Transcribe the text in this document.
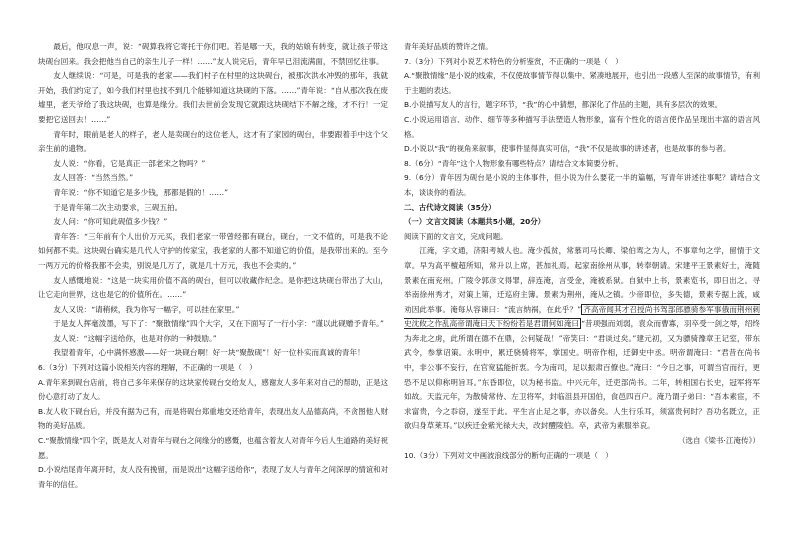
最后，他叹息一声，说：“砚算我将它寄托于你们吧。若是哪一天，我的姑娘有转变，就让孩子带这块砚台回来。我会把他当自己的亲生儿子一样！……”友人说完后，青年早已泪流满面，不禁回忆往事。

友人继续说：“可是，可是我的老家——我们村子在村里的这块砚台，被那次洪水冲毁的那年，我就开始，我们约定了，如今我们村里也找不到几个能够知道这块砚的下落。……”青年说：“自从那次我在废墟里，老天爷给了我这块砚，也算是缘分。我们去世前会发现它就跟这块砚结下不解之缘，才不行！一定要把它送回去！……”

青年时，眼前是老人的样子，老人是卖砚台的这位老人，这才有了家园的砚台，非要跟着手中这个父亲生前的遗物。

友人说：“你看，它是真正一部老宋之物吗？”

友人回答：“当然当然。”

青年说：“你不知道它是多少钱，那都是假的！……”

于是青年第二次主动要求，三砚五拍。

友人问：“你可知此砚值多少钱？”

青年答：“三年前有个人出价万元买，我们老家一带曾经都有砚台，砚台，一文不值的，可是我不论如何都不卖。这块砚台确实是几代人守护的传家宝，我老家的人都不知道它的价值，是我带出来的。至今一两万元的价格我都不会卖，别说是几万了，就是几十万元，我也不会卖的。”

友人感慨地说：“这是一块实用价值不高的砚台，但可以收藏作纪念。是你把这块砚台带出了大山，让它走向世界，这也是它的价值所在。……”

友人又说：“请稍候，我为你写一幅字，可以挂在家里。”

于是友人挥毫泼墨，写下了：“聚散情缘”四个大字，又在下面写了一行小字：“谨以此砚赠予青年。”

友人说：“这幅字送给你，也是对你的一种鼓励。”

我望着青年，心中满怀感激——好一块砚台啊！好一块“聚散砚”！好一位朴实而真诚的青年！

6.（3分）下列对这篇小说相关内容的理解，不正确的一项是（　）

A.青年来到砚台店前，将自己多年来保存的这块家传砚台交给友人，感谢友人多年来对自己的帮助，正是这份心意打动了友人。

B.友人收下砚台后，并没有据为己有，而是将砚台郑重地交还给青年，表现出友人品德高尚，不贪图他人财物的美好品质。

C.“聚散情缘”四个字，既是友人对青年与砚台之间缘分的感慨，也蕴含着友人对青年今后人生道路的美好祝愿。

D.小说结尾青年离开时，友人没有挽留，而是说出“这幅字送给你”，表现了友人与青年之间深厚的情谊和对青年的信任。

青年美好品质的赞许之情。

7.（3分）下列对小说艺术特色的分析鉴赏，不正确的一项是（　）

A.“聚散情缘”是小说的线索，不仅使故事情节得以集中、紧凑地展开，也引出一段感人至深的故事情节，有利于主题的表达。

B.小说描写友人的言行，题字环节，“我”的心中猜想，都深化了作品的主题，具有多层次的效果。

C.小说运用语言、动作、细节等多种描写手法塑造人物形象，富有个性化的语言使作品呈现出丰富的语言风格。

D.小说以“我”的视角来叙事，使事件显得真实可信，“我”不仅是故事的讲述者，也是故事的参与者。

8.（6分）“青年”这个人物形象有哪些特点？请结合文本简要分析。

9.（6分）青年因为砚台是小说的主体事件，但小说为什么要花一半的篇幅，写青年讲述往事呢？请结合文本，谈谈你的看法。

二、古代诗文阅读（35分）

（一）文言文阅读（本题共5小题，20分）

阅读下面的文言文，完成问题。

江淹，字文通，济阳考城人也。淹少孤贫，常慕司马长卿、梁伯鸾之为人，不事章句之学，留情于文章。早为高平檀超所知，常升以上席，甚加礼焉。起家南徐州从事，转奉朝请。宋建平王景素好士，淹随景素在南兖州。广陵令郭彦文得罪，辞连淹，言受金，淹被系狱。自狱中上书，景素览书，即日出之。寻举南徐州秀才，对策上第，迁巡府主簿。景素为荆州，淹从之镇。少帝即位，多失德，景素专据上流，咸劝因此举事。淹每从容谏曰：“流言纳祸，在此乎？” 齐高帝闻其才召授尚书驾部郎骠骑参军事俄而荆州刺史沈攸之作乱高帝谓淹曰天下纷纷若是君谓何如淹曰 “昔项强而刘弱，袁众而曹寡，羽卒受一剑之辱，绍终为奔北之虏，此所谓在德不在鼎，公何疑哉！”帝笑曰：“君谈过矣。”建元初，又为骠骑豫章王记室，带东武令，参掌诏策。永明中，累迁骁骑将军，掌国史。明帝作相，迁御史中丞。明帝谓淹曰：“君昔在尚书中，非公事不妄行，在官宽猛能折衷。今为南司，足以振肃百僚也。”淹曰：“今日之事，可谓当官而行，更恐不足以仰称明旨耳。”东昏即位，以为秘书监。中兴元年，迁吏部尚书。二年，转相国右长史，冠军将军如故。天监元年，为散骑常侍、左卫将军，封临沮县开国伯，食邑四百户。淹乃谓子弟曰：“吾本素宦，不求富贵，今之忝窃，遂至于此。平生言止足之事，亦以备矣。人生行乐耳，须富贵何时？吾功名既立，正欲归身草莱耳。”以疾迁金紫光禄大夫，改封醴陵伯。卒，武帝为素服举哀。

（选自《梁书·江淹传》）

10.（3分）下列对文中画波浪线部分的断句正确的一项是（　）
